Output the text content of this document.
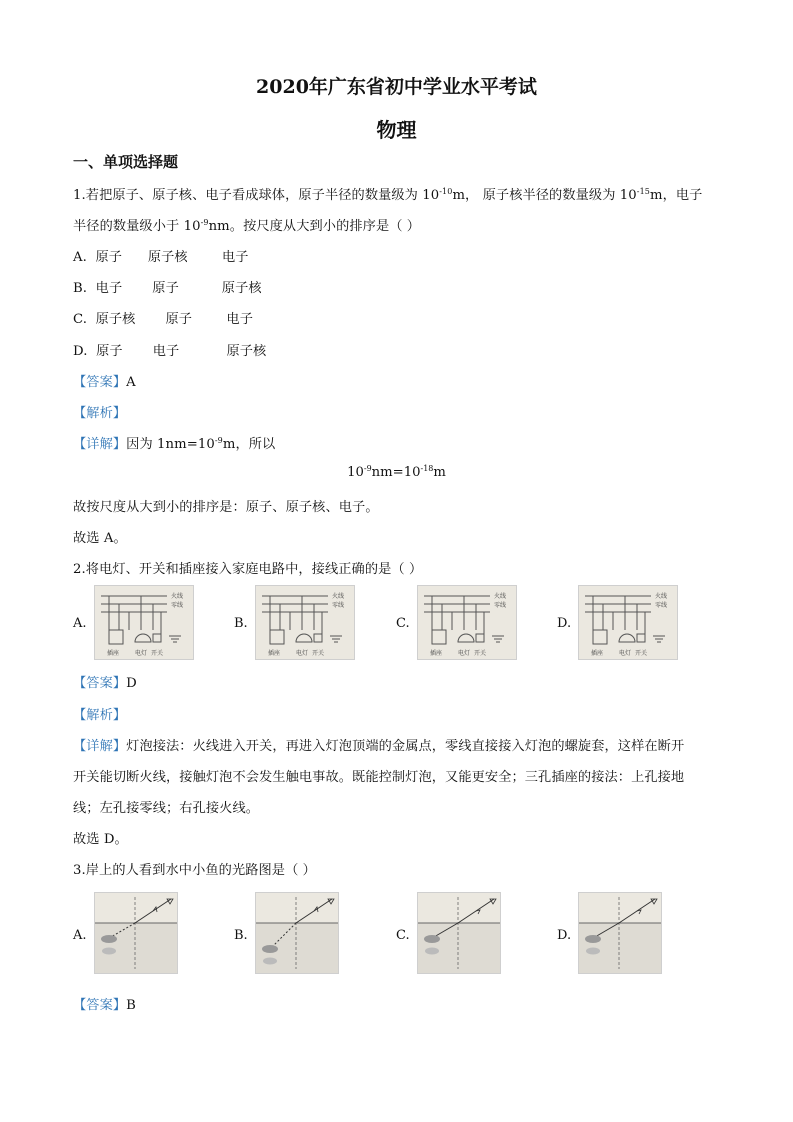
2020年广东省初中学业水平考试
物理
一、单项选择题
1.若把原子、原子核、电子看成球体，原子半径的数量级为 $10^{-10}m$， 原子核半径的数量级为 $10^{-15}m$，电子
半径的数量级小于 $10^{-9}nm$。按尺度从大到小的排序是（ ）
A.  原子      原子核        电子
B.  电子       原子          原子核
C.  原子核       原子        电子
D.  原子       电子           原子核
【答案】A
【解析】
【详解】因为 $1nm=10^{-9}m$，所以
$10^{-9}nm=10^{-18}m$
故按尺度从大到小的排序是：原子、原子核、电子。
故选 A。
2.将电灯、开关和插座接入家庭电路中，接线正确的是（ ）
A.	B.	C.	D.
火线
零线
插座	电灯 开关
火线
零线
插座	电灯 开关
火线
零线
插座	电灯 开关
火线
零线
插座	电灯 开关
【答案】D
【解析】
【详解】灯泡接法：火线进入开关，再进入灯泡顶端的金属点，零线直接接入灯泡的螺旋套，这样在断开
开关能切断火线，接触灯泡不会发生触电事故。既能控制灯泡，又能更安全；三孔插座的接法：上孔接地
线；左孔接零线；右孔接火线。
故选 D。
3.岸上的人看到水中小鱼的光路图是（ ）
A.	B.	C.	D.
【答案】B
